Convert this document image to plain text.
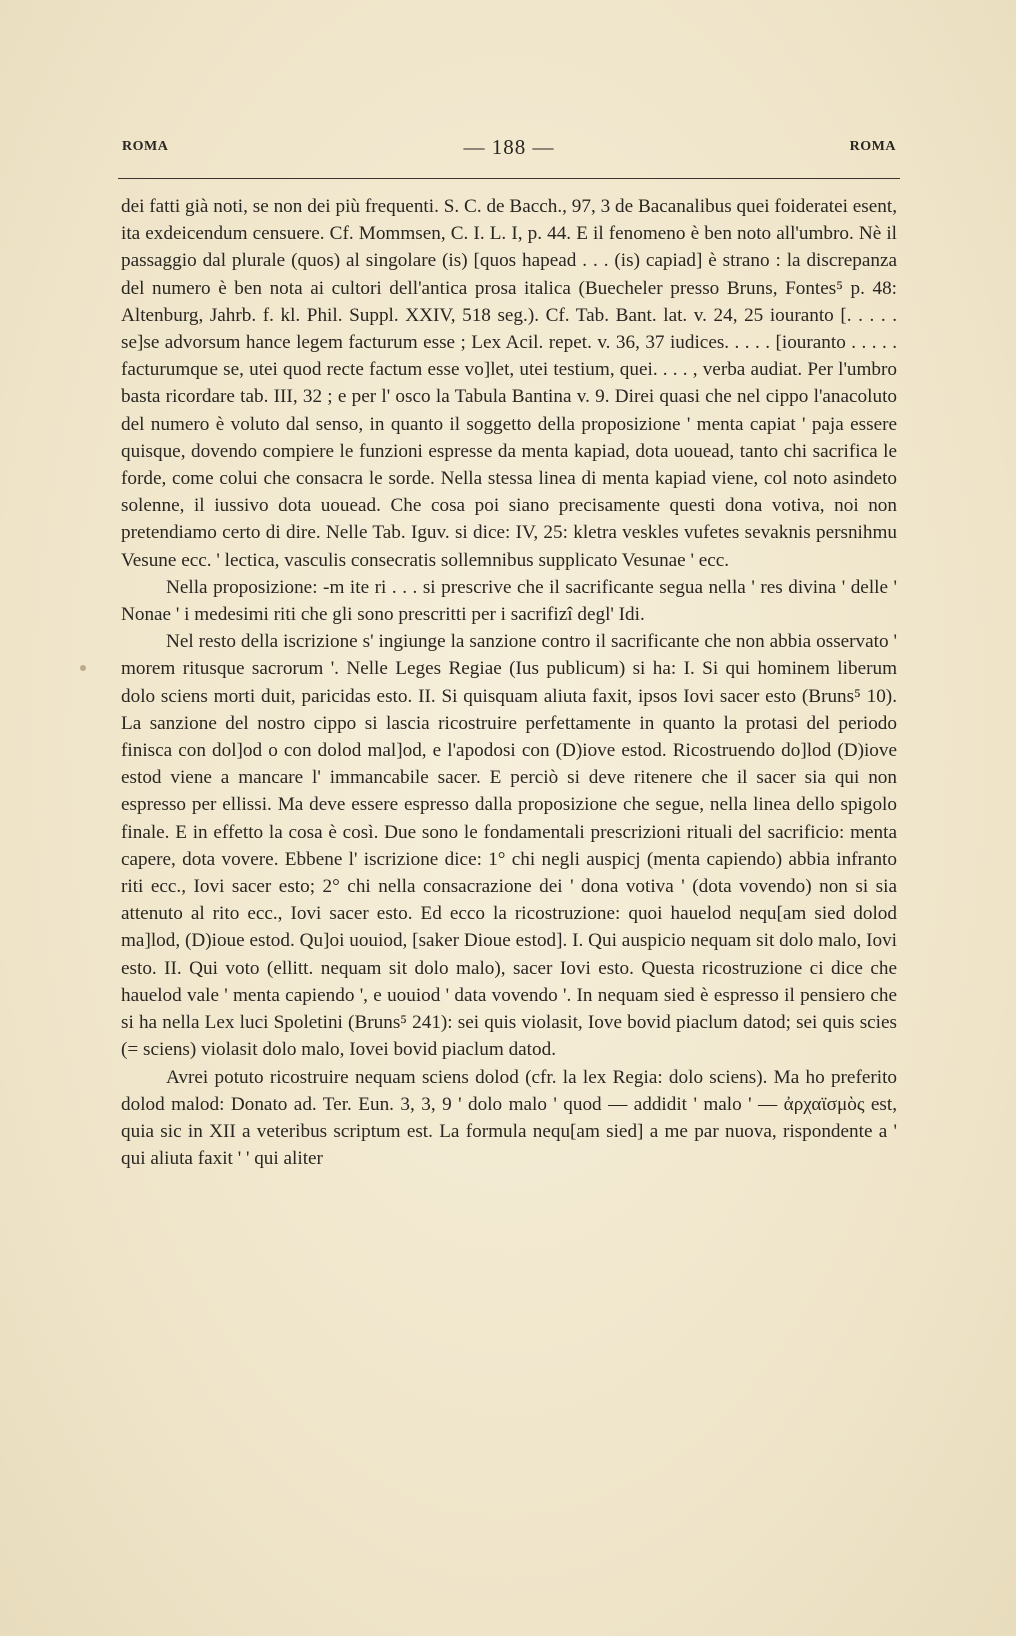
ROMA	— 188 —	ROMA

dei fatti già noti, se non dei più frequenti. S. C. de Bacch., 97, 3 de Bacanalibus quei foideratei esent, ita exdeicendum censuere. Cf. Mommsen, C. I. L. I, p. 44. E il fenomeno è ben noto all'umbro. Nè il passaggio dal plurale (quos) al singolare (is) [quos hapead . . . (is) capiad] è strano : la discrepanza del numero è ben nota ai cultori dell'antica prosa italica (Buecheler presso Bruns, Fontes⁵ p. 48: Altenburg, Jahrb. f. kl. Phil. Suppl. XXIV, 518 seg.). Cf. Tab. Bant. lat. v. 24, 25 iouranto [. . . . . se]se advorsum hance legem facturum esse ; Lex Acil. repet. v. 36, 37 iudices. . . . . [iouranto . . . . . facturumque se, utei quod recte factum esse vo]let, utei testium, quei. . . . , verba audiat. Per l'umbro basta ricordare tab. III, 32 ; e per l' osco la Tabula Bantina v. 9. Direi quasi che nel cippo l'anacoluto del numero è voluto dal senso, in quanto il soggetto della proposizione ' menta capiat ' paja essere quisque, dovendo compiere le funzioni espresse da menta kapiad, dota uouead, tanto chi sacrifica le forde, come colui che consacra le sorde. Nella stessa linea di menta kapiad viene, col noto asindeto solenne, il iussivo dota uouead. Che cosa poi siano precisamente questi dona votiva, noi non pretendiamo certo di dire. Nelle Tab. Iguv. si dice: IV, 25: kletra veskles vufetes sevaknis persnihmu Vesune ecc. ' lectica, vasculis consecratis sollemnibus supplicato Vesunae ' ecc.

Nella proposizione: -m ite ri . . . si prescrive che il sacrificante segua nella ' res divina ' delle ' Nonae ' i medesimi riti che gli sono prescritti per i sacrifizî degl' Idi.

Nel resto della iscrizione s' ingiunge la sanzione contro il sacrificante che non abbia osservato ' morem ritusque sacrorum '. Nelle Leges Regiae (Ius publicum) si ha: I. Si qui hominem liberum dolo sciens morti duit, paricidas esto. II. Si quisquam aliuta faxit, ipsos Iovi sacer esto (Bruns⁵ 10). La sanzione del nostro cippo si lascia ricostruire perfettamente in quanto la protasi del periodo finisca con dol]od o con dolod mal]od, e l'apodosi con (D)iove estod. Ricostruendo do]lod (D)iove estod viene a mancare l' immancabile sacer. E perciò si deve ritenere che il sacer sia qui non espresso per ellissi. Ma deve essere espresso dalla proposizione che segue, nella linea dello spigolo finale. E in effetto la cosa è così. Due sono le fondamentali prescrizioni rituali del sacrificio: menta capere, dota vovere. Ebbene l' iscrizione dice: 1° chi negli auspicj (menta capiendo) abbia infranto riti ecc., Iovi sacer esto; 2° chi nella consacrazione dei ' dona votiva ' (dota vovendo) non si sia attenuto al rito ecc., Iovi sacer esto. Ed ecco la ricostruzione: quoi hauelod nequ[am sied dolod ma]lod, (D)ioue estod. Qu]oi uouiod, [saker Dioue estod]. I. Qui auspicio nequam sit dolo malo, Iovi esto. II. Qui voto (ellitt. nequam sit dolo malo), sacer Iovi esto. Questa ricostruzione ci dice che hauelod vale ' menta capiendo ', e uouiod ' data vovendo '. In nequam sied è espresso il pensiero che si ha nella Lex luci Spoletini (Bruns⁵ 241): sei quis violasit, Iove bovid piaclum datod; sei quis scies (= sciens) violasit dolo malo, Iovei bovid piaclum datod.

Avrei potuto ricostruire nequam sciens dolod (cfr. la lex Regia: dolo sciens). Ma ho preferito dolod malod: Donato ad. Ter. Eun. 3, 3, 9 ' dolo malo ' quod — addidit ' malo ' — ἀρχαϊσμὸς est, quia sic in XII a veteribus scriptum est. La formula nequ[am sied] a me par nuova, rispondente a ' qui aliuta faxit ' ' qui aliter
